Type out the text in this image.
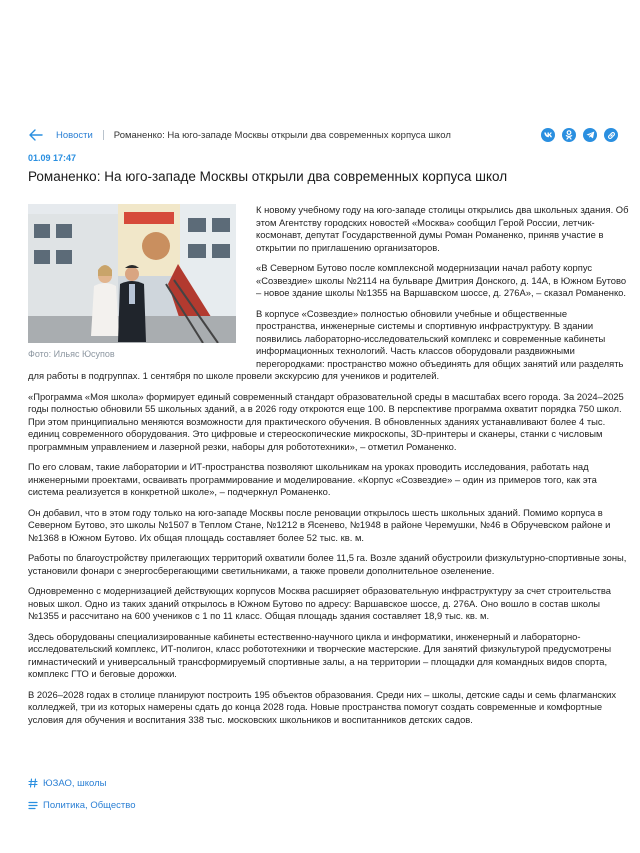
Новости Романенко: На юго-западе Москвы открыли два современных корпуса школ
01.09 17:47
Романенко: На юго-западе Москвы открыли два современных корпуса школ
Фото: Ильяс Юсупов

К новому учебному году на юго-западе столицы открылись два школьных здания. Об этом Агентству городских новостей «Москва» сообщил Герой России, летчик-космонавт, депутат Государственной думы Роман Романенко, приняв участие в открытии по приглашению организаторов.

«В Северном Бутово после комплексной модернизации начал работу корпус «Созвездие» школы №2114 на бульваре Дмитрия Донского, д. 14А, в Южном Бутово – новое здание школы №1355 на Варшавском шоссе, д. 276А», – сказал Романенко.

В корпусе «Созвездие» полностью обновили учебные и общественные пространства, инженерные системы и спортивную инфраструктуру. В здании появились лабораторно-исследовательский комплекс и современные кабинеты информационных технологий. Часть классов оборудовали раздвижными перегородками: пространство можно объединять для общих занятий или разделять для работы в подгруппах. 1 сентября по школе провели экскурсию для учеников и родителей.

«Программа «Моя школа» формирует единый современный стандарт образовательной среды в масштабах всего города. За 2024–2025 годы полностью обновили 55 школьных зданий, а в 2026 году откроются еще 100. В перспективе программа охватит порядка 750 школ. При этом принципиально меняются возможности для практического обучения. В обновленных зданиях устанавливают более 4 тыс. единиц современного оборудования. Это цифровые и стереоскопические микроскопы, 3D-принтеры и сканеры, станки с числовым программным управлением и лазерной резки, наборы для робототехники», – отметил Романенко.

По его словам, такие лаборатории и ИТ-пространства позволяют школьникам на уроках проводить исследования, работать над инженерными проектами, осваивать программирование и моделирование. «Корпус «Созвездие» – один из примеров того, как эта система реализуется в конкретной школе», – подчеркнул Романенко.

Он добавил, что в этом году только на юго-западе Москвы после реновации открылось шесть школьных зданий. Помимо корпуса в Северном Бутово, это школы №1507 в Теплом Стане, №1212 в Ясенево, №1948 в районе Черемушки, №46 в Обручевском районе и №1368 в Южном Бутово. Их общая площадь составляет более 52 тыс. кв. м.

Работы по благоустройству прилегающих территорий охватили более 11,5 га. Возле зданий обустроили физкультурно-спортивные зоны, установили фонари с энергосберегающими светильниками, а также провели дополнительное озеленение.

Одновременно с модернизацией действующих корпусов Москва расширяет образовательную инфраструктуру за счет строительства новых школ. Одно из таких зданий открылось в Южном Бутово по адресу: Варшавское шоссе, д. 276А. Оно вошло в состав школы №1355 и рассчитано на 600 учеников с 1 по 11 класс. Общая площадь здания составляет 18,9 тыс. кв. м.

Здесь оборудованы специализированные кабинеты естественно-научного цикла и информатики, инженерный и лабораторно-исследовательский комплекс, ИТ-полигон, класс робототехники и творческие мастерские. Для занятий физкультурой предусмотрены гимнастический и универсальный трансформируемый спортивные залы, а на территории – площадки для командных видов спорта, комплекс ГТО и беговые дорожки.

В 2026–2028 годах в столице планируют построить 195 объектов образования. Среди них – школы, детские сады и семь флагманских колледжей, три из которых намерены сдать до конца 2028 года. Новые пространства помогут создать современные и комфортные условия для обучения и воспитания 338 тыс. московских школьников и воспитанников детских садов.

ЮЗАО, школы
Политика, Общество
